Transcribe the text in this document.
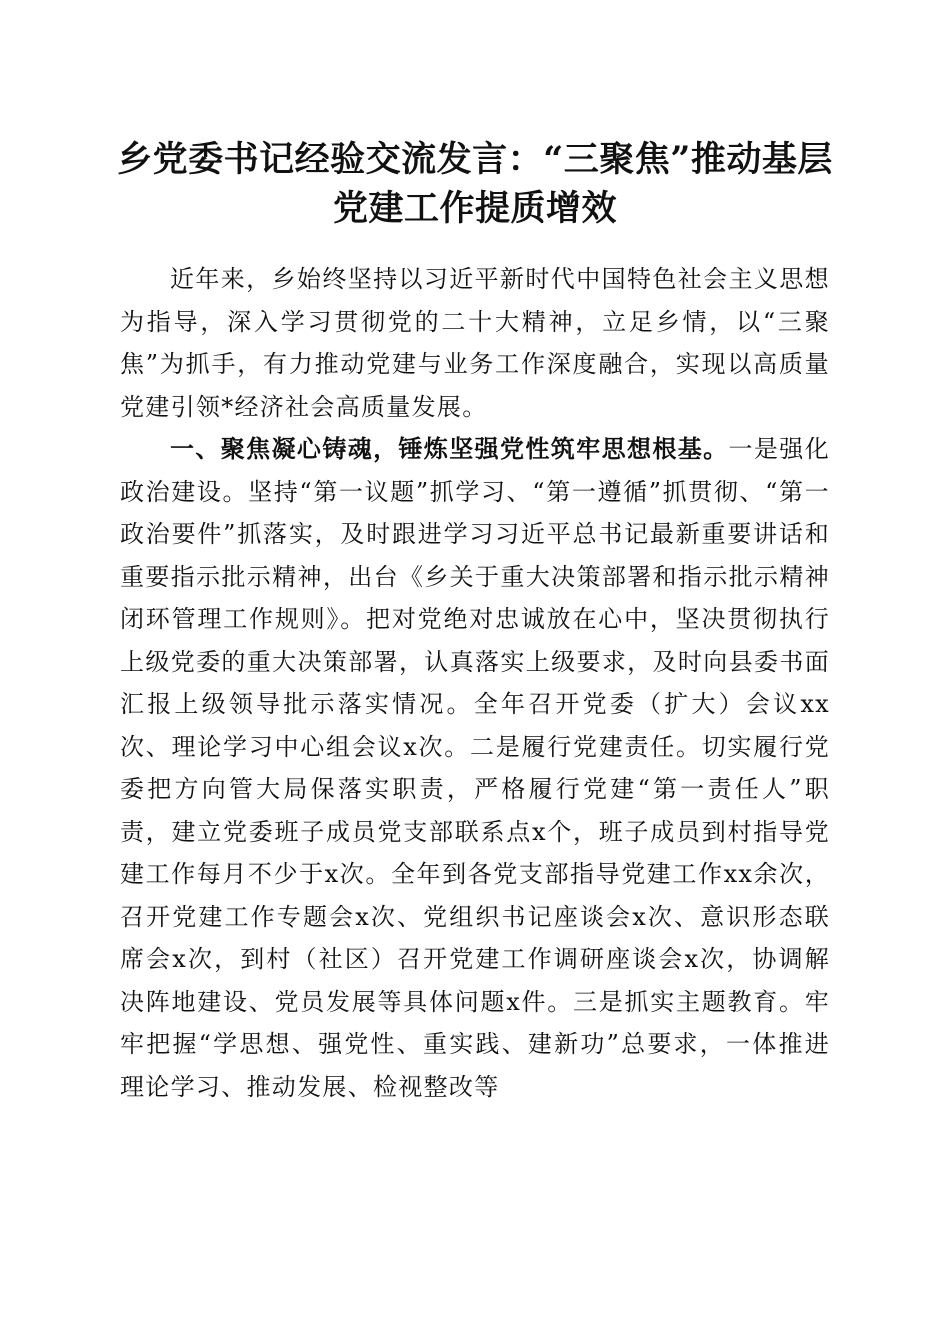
乡党委书记经验交流发言：“三聚焦”推动基层党建工作提质增效

近年来，乡始终坚持以习近平新时代中国特色社会主义思想为指导，深入学习贯彻党的二十大精神，立足乡情，以“三聚焦”为抓手，有力推动党建与业务工作深度融合，实现以高质量党建引领*经济社会高质量发展。

一、聚焦凝心铸魂，锤炼坚强党性筑牢思想根基。一是强化政治建设。坚持“第一议题”抓学习、“第一遵循”抓贯彻、“第一政治要件”抓落实，及时跟进学习习近平总书记最新重要讲话和重要指示批示精神，出台《乡关于重大决策部署和指示批示精神闭环管理工作规则》。把对党绝对忠诚放在心中，坚决贯彻执行上级党委的重大决策部署，认真落实上级要求，及时向县委书面汇报上级领导批示落实情况。全年召开党委（扩大）会议xx次、理论学习中心组会议x次。二是履行党建责任。切实履行党委把方向管大局保落实职责，严格履行党建“第一责任人”职责，建立党委班子成员党支部联系点x个，班子成员到村指导党建工作每月不少于x次。全年到各党支部指导党建工作xx余次，召开党建工作专题会x次、党组织书记座谈会x次、意识形态联席会x次，到村（社区）召开党建工作调研座谈会x次，协调解决阵地建设、党员发展等具体问题x件。三是抓实主题教育。牢牢把握“学思想、强党性、重实践、建新功”总要求，一体推进理论学习、推动发展、检视整改等
